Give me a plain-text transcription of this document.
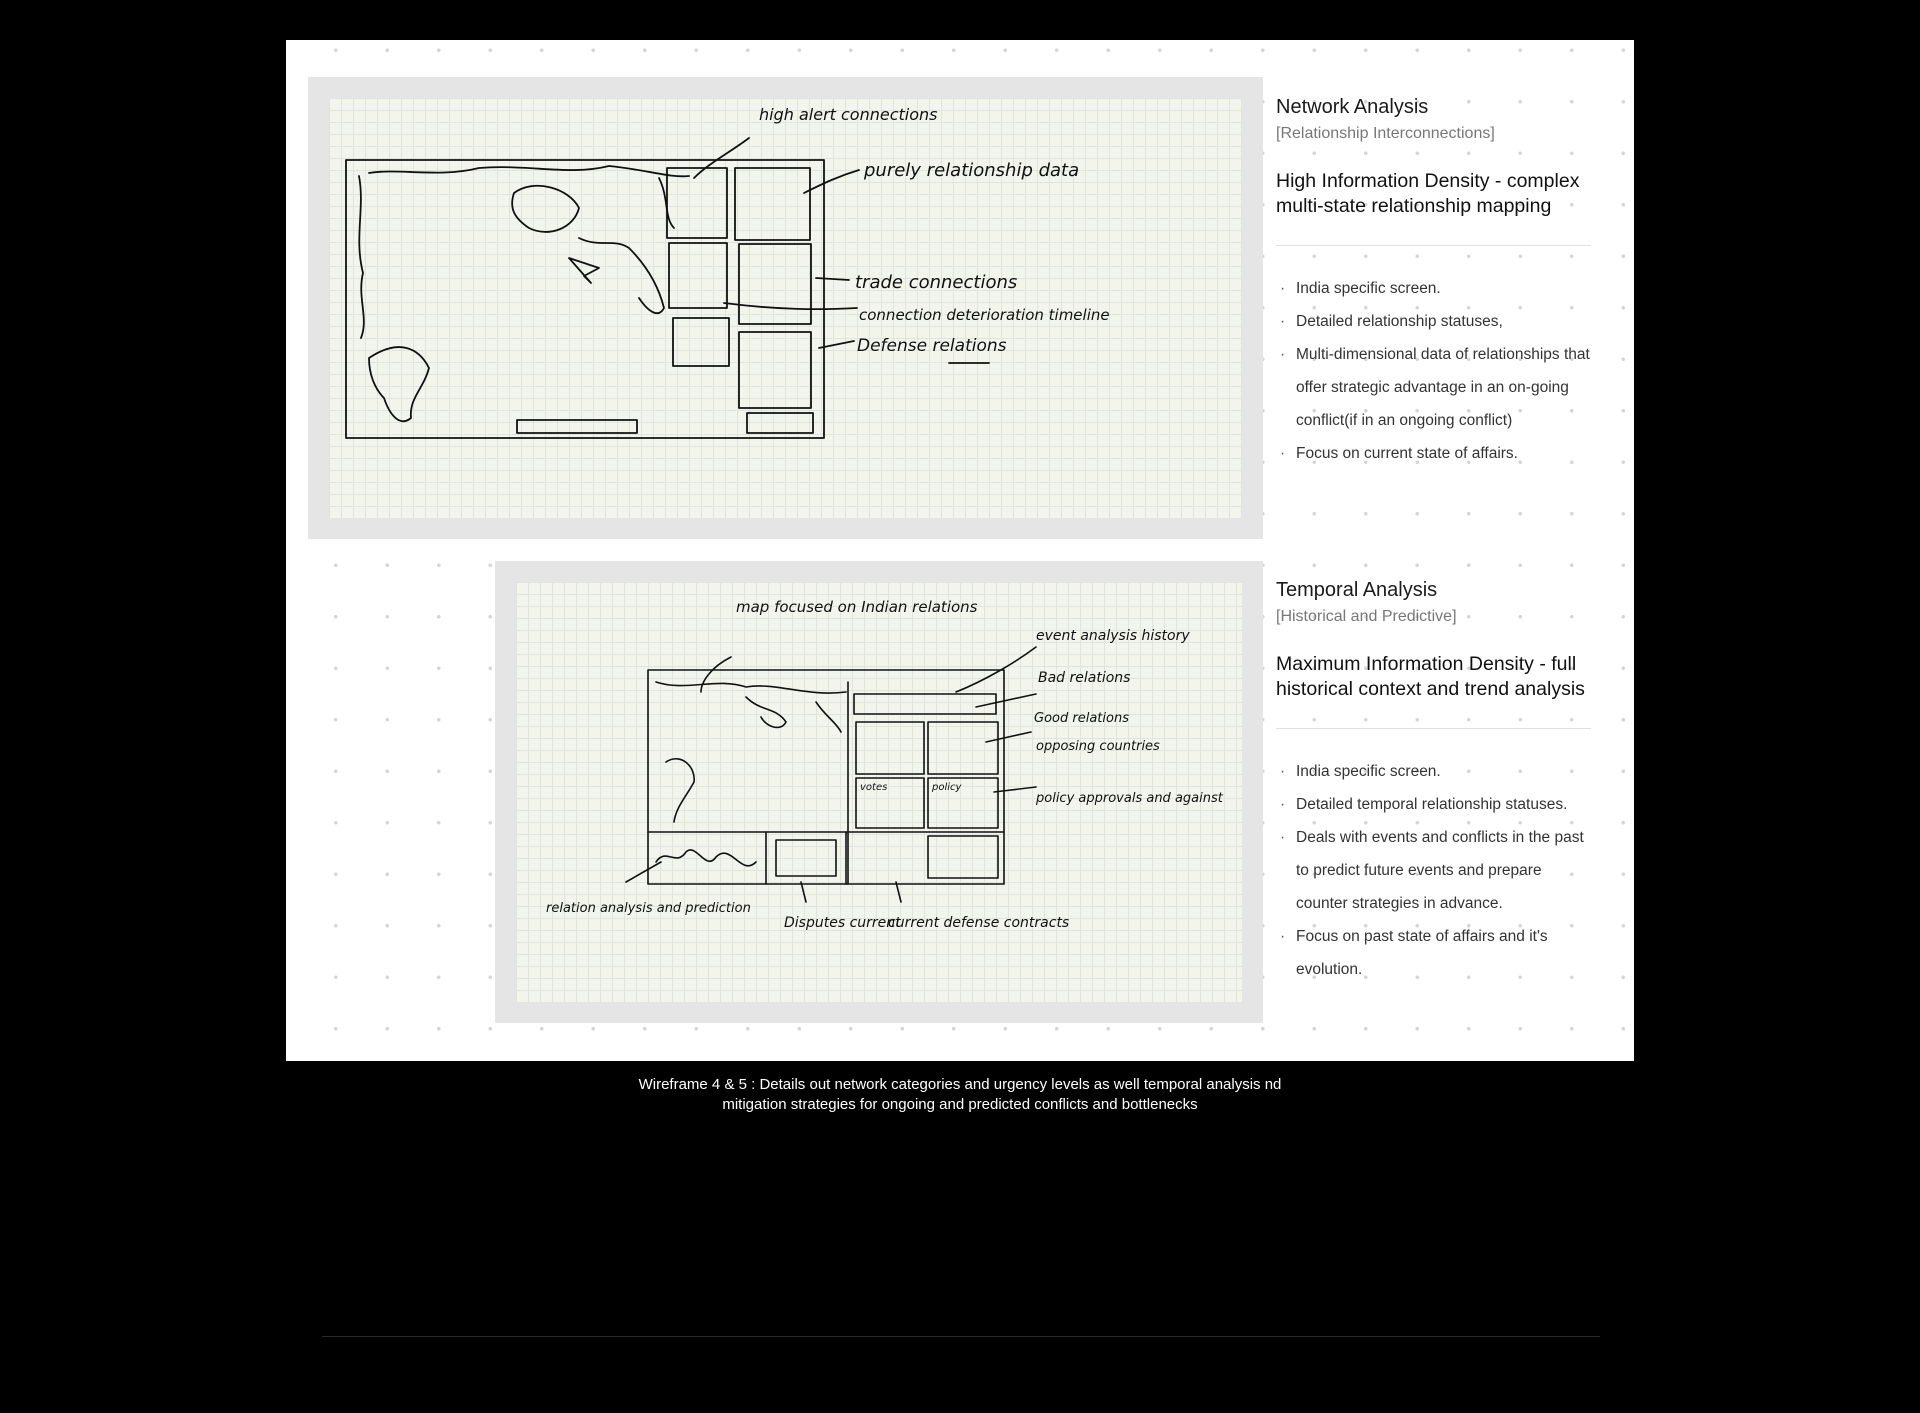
high alert connections
purely relationship data
trade connections
connection deterioration timeline
Defense relations
map focused on Indian relations
event analysis history
Bad relations
Good relations
opposing countries
policy approvals and against
relation analysis and prediction
Disputes current
current defense contracts
votes	policy
Network Analysis
[Relationship Interconnections]
High Information Density - complex multi-state relationship mapping
· India specific screen.
· Detailed relationship statuses,
· Multi-dimensional data of relationships that offer strategic advantage in an on-going conflict(if in an ongoing conflict)
· Focus on current state of affairs.
Temporal Analysis
[Historical and Predictive]
Maximum Information Density - full historical context and trend analysis
· India specific screen.
· Detailed temporal relationship statuses.
· Deals with events and conflicts in the past to predict future events and prepare counter strategies in advance.
· Focus on past state of affairs and it's evolution.
Wireframe 4 & 5 : Details out network categories and urgency levels as well temporal analysis nd
mitigation strategies for ongoing and predicted conflicts and bottlenecks
